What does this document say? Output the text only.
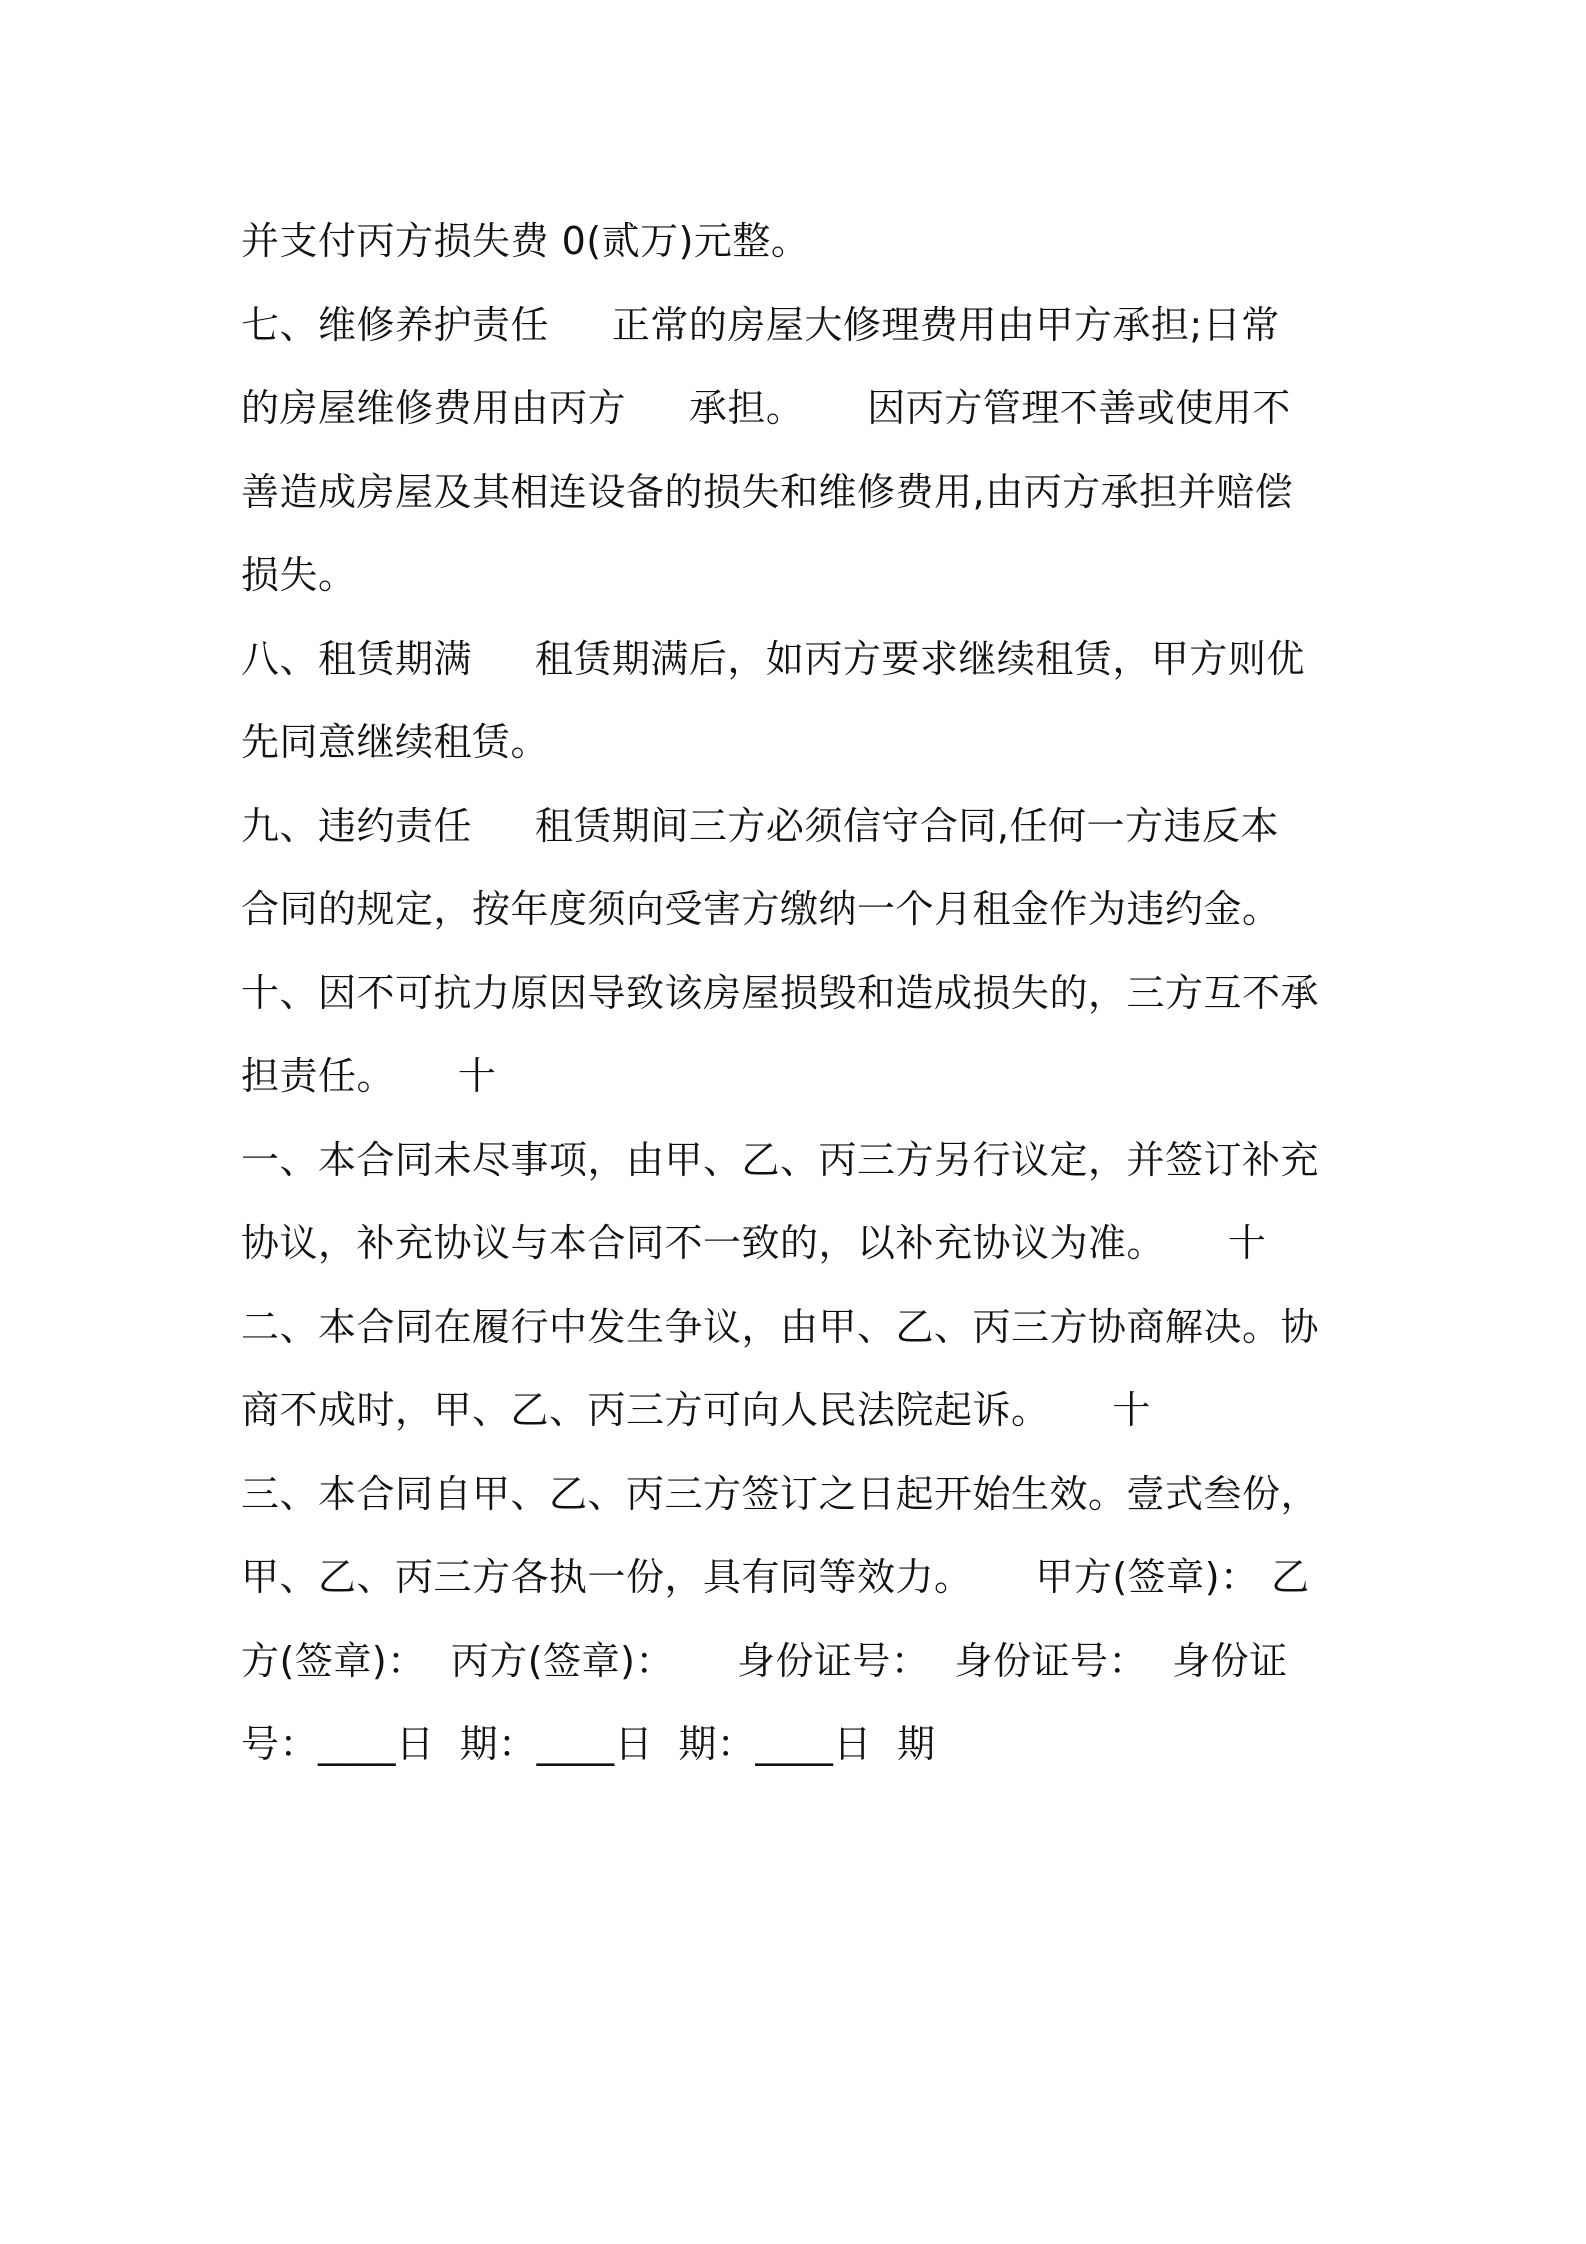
并支付丙方损失费 0(贰万)元整。
七、维修养护责任     正常的房屋大修理费用由甲方承担;日常
的房屋维修费用由丙方     承担。     因丙方管理不善或使用不
善造成房屋及其相连设备的损失和维修费用,由丙方承担并赔偿
损失。
八、租赁期满     租赁期满后，如丙方要求继续租赁，甲方则优
先同意继续租赁。
九、违约责任     租赁期间三方必须信守合同,任何一方违反本
合同的规定，按年度须向受害方缴纳一个月租金作为违约金。
十、因不可抗力原因导致该房屋损毁和造成损失的，三方互不承
担责任。     十
一、本合同未尽事项，由甲、乙、丙三方另行议定，并签订补充
协议，补充协议与本合同不一致的，以补充协议为准。     十
二、本合同在履行中发生争议，由甲、乙、丙三方协商解决。协
商不成时，甲、乙、丙三方可向人民法院起诉。     十
三、本合同自甲、乙、丙三方签订之日起开始生效。壹式叁份，
甲、乙、丙三方各执一份，具有同等效力。     甲方(签章)： 乙
方(签章)：  丙方(签章)：     身份证号：  身份证号：  身份证
号：____日  期：____日  期：____日  期
